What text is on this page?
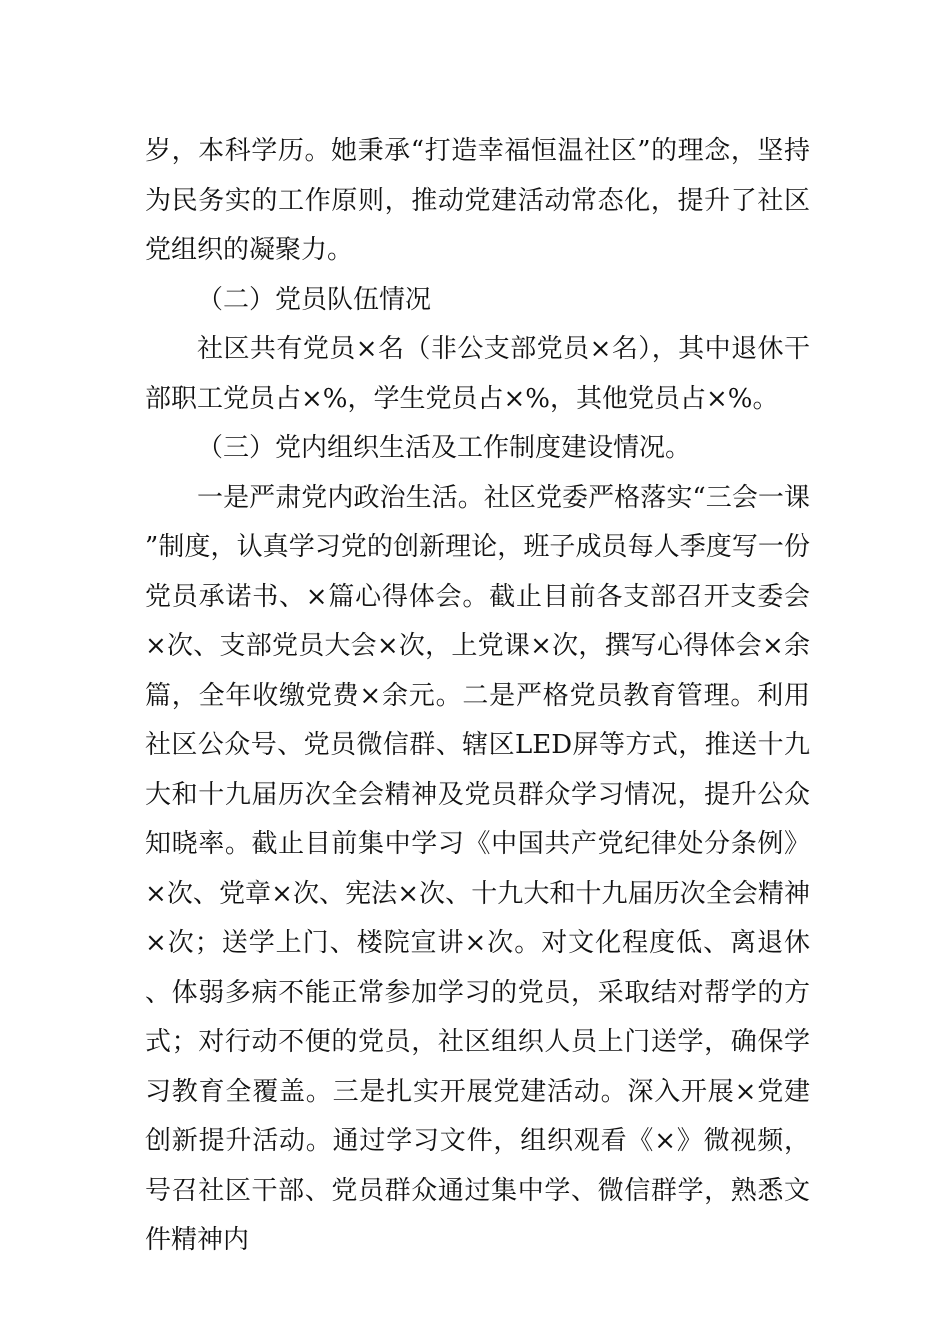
岁，本科学历。她秉承“打造幸福恒温社区”的理念，坚持为民务实的工作原则，推动党建活动常态化，提升了社区党组织的凝聚力。

（二）党员队伍情况

社区共有党员×名（非公支部党员×名），其中退休干部职工党员占×%，学生党员占×%，其他党员占×%。

（三）党内组织生活及工作制度建设情况。

一是严肃党内政治生活。社区党委严格落实“三会一课”制度，认真学习党的创新理论，班子成员每人季度写一份党员承诺书、×篇心得体会。截止目前各支部召开支委会×次、支部党员大会×次，上党课×次，撰写心得体会×余篇，全年收缴党费×余元。二是严格党员教育管理。利用社区公众号、党员微信群、辖区LED屏等方式，推送十九大和十九届历次全会精神及党员群众学习情况，提升公众知晓率。截止目前集中学习《中国共产党纪律处分条例》×次、党章×次、宪法×次、十九大和十九届历次全会精神×次；送学上门、楼院宣讲×次。对文化程度低、离退休、体弱多病不能正常参加学习的党员，采取结对帮学的方式；对行动不便的党员，社区组织人员上门送学，确保学习教育全覆盖。三是扎实开展党建活动。深入开展×党建创新提升活动。通过学习文件，组织观看《×》微视频，号召社区干部、党员群众通过集中学、微信群学，熟悉文件精神内
